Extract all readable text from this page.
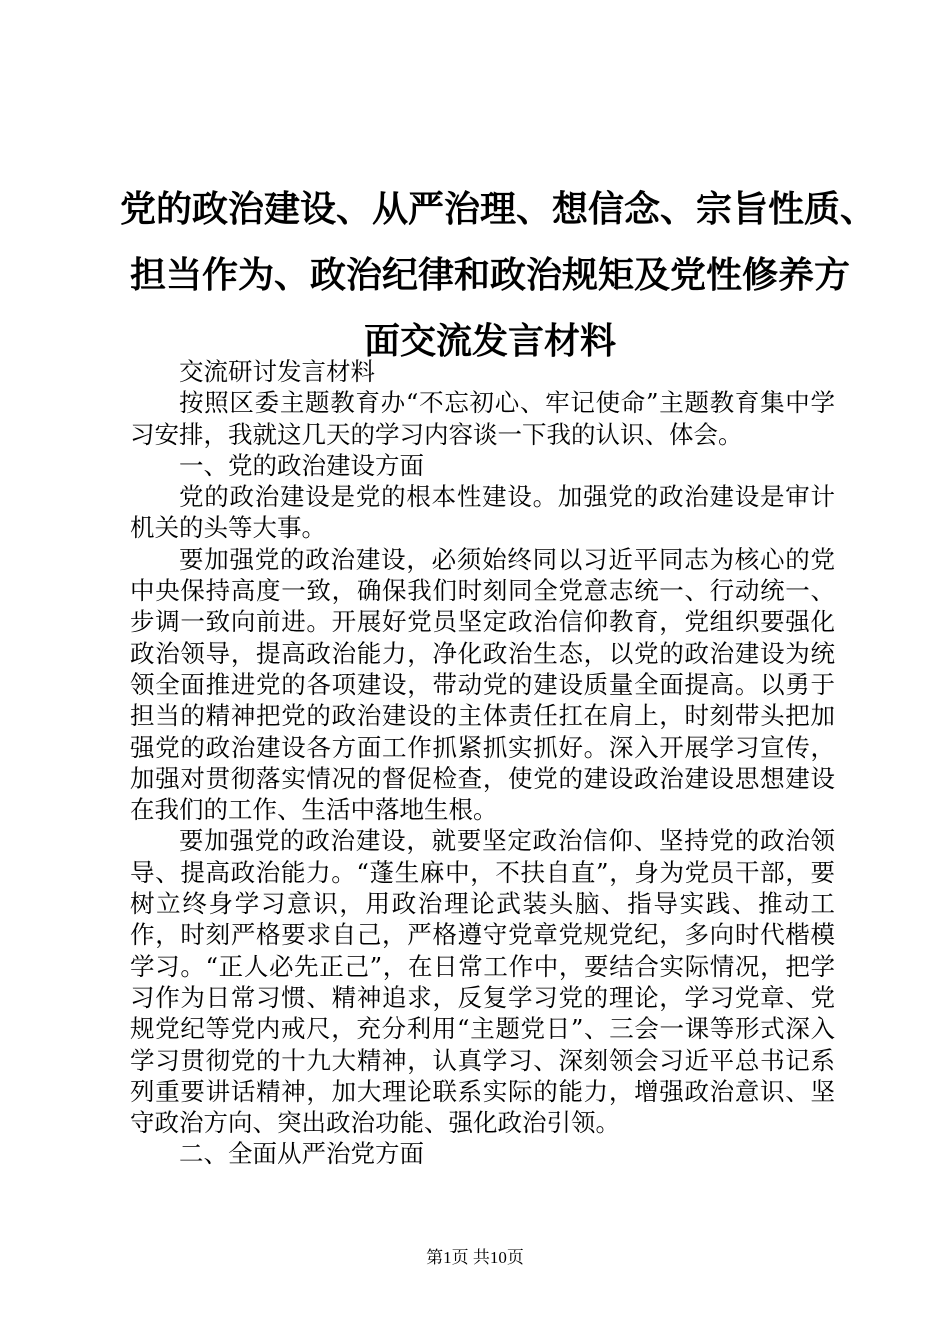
党的政治建设、从严治理、想信念、宗旨性质、
担当作为、政治纪律和政治规矩及党性修养方
面交流发言材料

交流研讨发言材料

按照区委主题教育办“不忘初心、牢记使命”主题教育集中学习安排，我就这几天的学习内容谈一下我的认识、体会。

一、党的政治建设方面

党的政治建设是党的根本性建设。加强党的政治建设是审计机关的头等大事。

要加强党的政治建设，必须始终同以习近平同志为核心的党中央保持高度一致，确保我们时刻同全党意志统一、行动统一、步调一致向前进。开展好党员坚定政治信仰教育，党组织要强化政治领导，提高政治能力，净化政治生态，以党的政治建设为统领全面推进党的各项建设，带动党的建设质量全面提高。以勇于担当的精神把党的政治建设的主体责任扛在肩上，时刻带头把加强党的政治建设各方面工作抓紧抓实抓好。深入开展学习宣传，加强对贯彻落实情况的督促检查，使党的建设政治建设思想建设在我们的工作、生活中落地生根。

要加强党的政治建设，就要坚定政治信仰、坚持党的政治领导、提高政治能力。“蓬生麻中，不扶自直”，身为党员干部，要树立终身学习意识，用政治理论武装头脑、指导实践、推动工作，时刻严格要求自己，严格遵守党章党规党纪，多向时代楷模学习。“正人必先正己”，在日常工作中，要结合实际情况，把学习作为日常习惯、精神追求，反复学习党的理论，学习党章、党规党纪等党内戒尺，充分利用“主题党日”、三会一课等形式深入学习贯彻党的十九大精神，认真学习、深刻领会习近平总书记系列重要讲话精神，加大理论联系实际的能力，增强政治意识、坚守政治方向、突出政治功能、强化政治引领。

二、全面从严治党方面

第1页 共10页
